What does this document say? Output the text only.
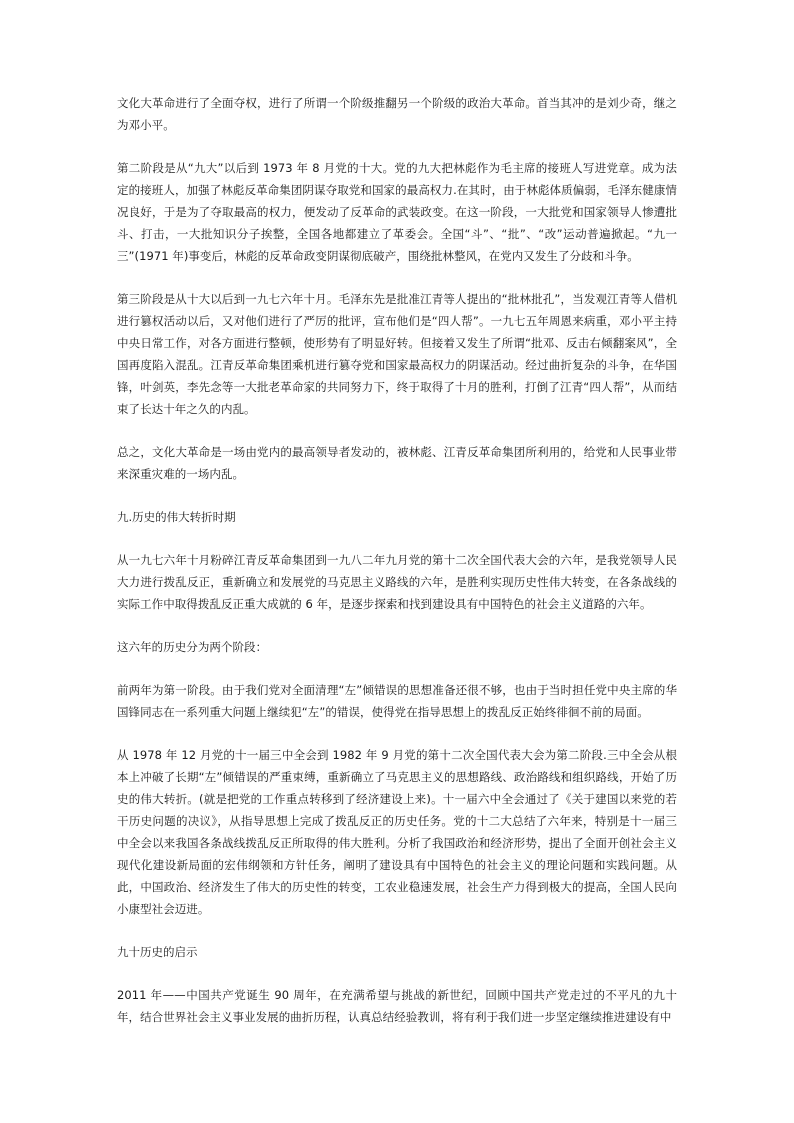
文化大革命进行了全面夺权，进行了所谓一个阶级推翻另一个阶级的政治大革命。首当其冲的是刘少奇，继之为邓小平。

第二阶段是从“九大”以后到 1973 年 8 月党的十大。党的九大把林彪作为毛主席的接班人写进党章。成为法定的接班人，加强了林彪反革命集团阴谋夺取党和国家的最高权力.在其时，由于林彪体质偏弱，毛泽东健康情况良好，于是为了夺取最高的权力，便发动了反革命的武装政变。在这一阶段，一大批党和国家领导人惨遭批斗、打击，一大批知识分子挨整，全国各地都建立了革委会。全国“斗”、“批”、“改”运动普遍掀起。“九一三”(1971 年)事变后，林彪的反革命政变阴谋彻底破产，围绕批林整风，在党内又发生了分歧和斗争。

第三阶段是从十大以后到一九七六年十月。毛泽东先是批准江青等人提出的“批林批孔”，当发观江青等人借机进行篡权活动以后，又对他们进行了严厉的批评，宣布他们是“四人帮”。一九七五年周恩来病重，邓小平主持中央日常工作，对各方面进行整顿，使形势有了明显好转。但接着又发生了所谓“批邓、反击右倾翻案风”，全国再度陷入混乱。江青反革命集团乘机进行篡夺党和国家最高权力的阴谋活动。经过曲折复杂的斗争，在华国锋，叶剑英，李先念等一大批老革命家的共同努力下，终于取得了十月的胜利，打倒了江青“四人帮”，从而结束了长达十年之久的内乱。

总之，文化大革命是一场由党内的最高领导者发动的，被林彪、江青反革命集团所利用的，给党和人民事业带来深重灾难的一场内乱。

九.历史的伟大转折时期

从一九七六年十月粉碎江青反革命集团到一九八二年九月党的第十二次全国代表大会的六年，是我党领导人民大力进行拨乱反正，重新确立和发展党的马克思主义路线的六年，是胜利实现历史性伟大转变，在各条战线的实际工作中取得拨乱反正重大成就的 6 年，是逐步探索和找到建设具有中国特色的社会主义道路的六年。

这六年的历史分为两个阶段：

前两年为第一阶段。由于我们党对全面清理“左”倾错误的思想准备还很不够，也由于当时担任党中央主席的华国锋同志在一系列重大问题上继续犯“左”的错误，使得党在指导思想上的拨乱反正始终徘徊不前的局面。

从 1978 年 12 月党的十一届三中全会到 1982 年 9 月党的第十二次全国代表大会为第二阶段.三中全会从根本上冲破了长期“左”倾错误的严重束缚，重新确立了马克思主义的思想路线、政治路线和组织路线，开始了历史的伟大转折。(就是把党的工作重点转移到了经济建设上来)。十一届六中全会通过了《关于建国以来党的若干历史问题的决议》，从指导思想上完成了拨乱反正的历史任务。党的十二大总结了六年来，特别是十一届三中全会以来我国各条战线拨乱反正所取得的伟大胜利。分析了我国政治和经济形势，提出了全面开创社会主义现代化建设新局面的宏伟纲领和方针任务，阐明了建设具有中国特色的社会主义的理论问题和实践问题。从此，中国政治、经济发生了伟大的历史性的转变，工农业稳速发展，社会生产力得到极大的提高，全国人民向小康型社会迈进。

九十历史的启示

2011 年——中国共产党诞生 90 周年，在充满希望与挑战的新世纪，回顾中国共产党走过的不平凡的九十年，结合世界社会主义事业发展的曲折历程，认真总结经验教训，将有利于我们进一步坚定继续推进建设有中
